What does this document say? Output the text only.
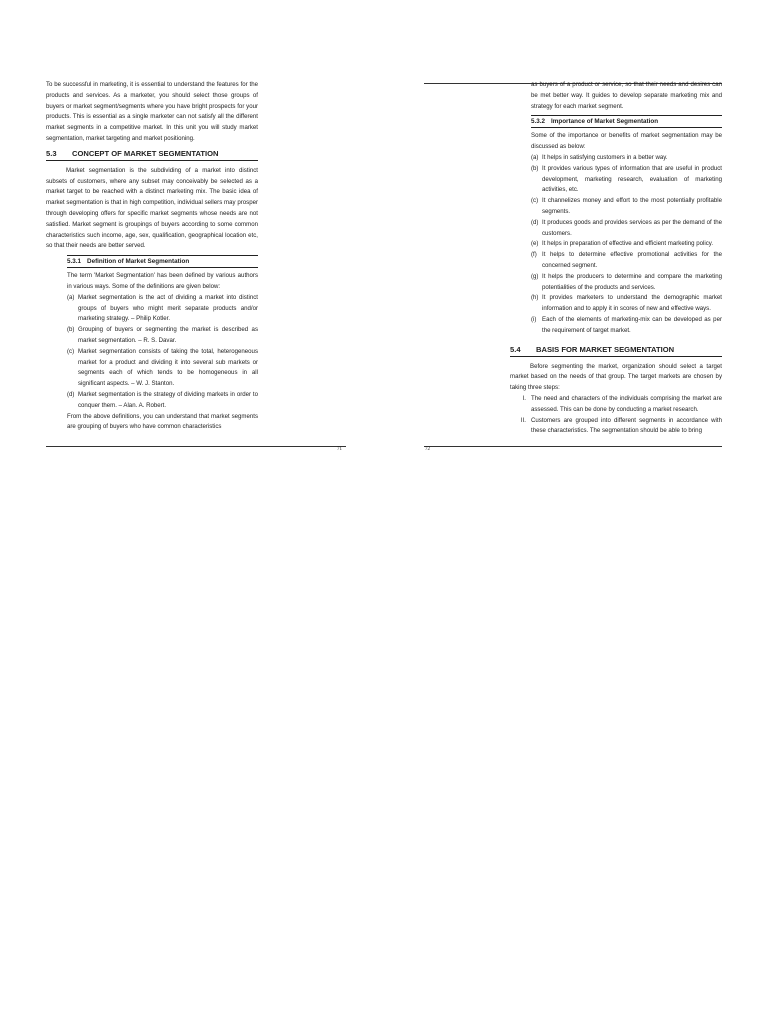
To be successful in marketing, it is essential to understand the features for the products and services. As a marketer, you should select those groups of buyers or market segment/segments where you have bright prospects for your products. This is essential as a single marketer can not satisfy all the different market segments in a competitive market. In this unit you will study market segmentation, market targeting and market positioning.

5.3	CONCEPT OF MARKET SEGMENTATION

Market segmentation is the subdividing of a market into distinct subsets of customers, where any subset may conceivably be selected as a market target to be reached with a distinct marketing mix. The basic idea of market segmentation is that in high competition, individual sellers may prosper through developing offers for specific market segments whose needs are not satisfied. Market segment is groupings of buyers according to some common characteristics such income, age, sex, qualification, geographical location etc, so that their needs are better served.

5.3.1 Definition of Market Segmentation

The term 'Market Segmentation' has been defined by various authors in various ways. Some of the definitions are given below:

(a) Market segmentation is the act of dividing a market into distinct groups of buyers who might merit separate products and/or marketing strategy. – Philip Kotler.
(b) Grouping of buyers or segmenting the market is described as market segmentation. – R. S. Davar.
(c) Market segmentation consists of taking the total, heterogeneous market for a product and dividing it into several sub markets or segments each of which tends to be homogeneous in all significant aspects. – W. J. Stanton.
(d) Market segmentation is the strategy of dividing markets in order to conquer them. – Alan. A. Robert.

From the above definitions, you can understand that market segments are grouping of buyers who have common characteristics

as buyers of a product or service, so that their needs and desires can be met better way. It guides to develop separate marketing mix and strategy for each market segment.

5.3.2 Importance of Market Segmentation

Some of the importance or benefits of market segmentation may be discussed as below:

(a) It helps in satisfying customers in a better way.
(b) It provides various types of information that are useful in product development, marketing research, evaluation of marketing activities, etc.
(c) It channelizes money and effort to the most potentially profitable segments.
(d) It produces goods and provides services as per the demand of the customers.
(e) It helps in preparation of effective and efficient marketing policy.
(f) It helps to determine effective promotional activities for the concerned segment.
(g) It helps the producers to determine and compare the marketing potentialities of the products and services.
(h) It provides marketers to understand the demographic market information and to apply it in scores of new and effective ways.
(i) Each of the elements of marketing-mix can be developed as per the requirement of target market.
5.4	BASIS FOR MARKET SEGMENTATION

Before segmenting the market, organization should select a target market based on the needs of that group. The target markets are chosen by taking three steps:

I. The need and characters of the individuals comprising the market are assessed. This can be done by conducting a market research.
II. Customers are grouped into different segments in accordance with these characteristics. The segmentation should be able to bring
71	72
